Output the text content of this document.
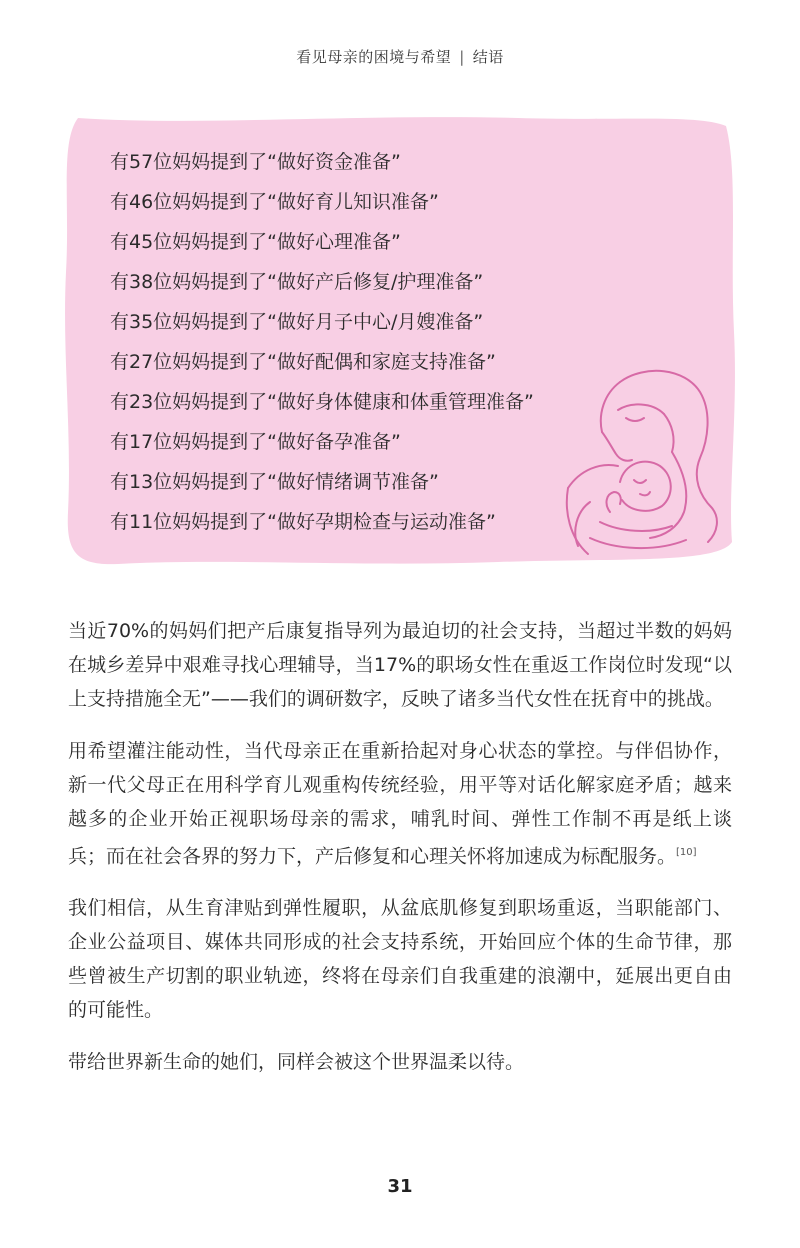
看见母亲的困境与希望 | 结语
有57位妈妈提到了“做好资金准备”
有46位妈妈提到了“做好育儿知识准备”
有45位妈妈提到了“做好心理准备”
有38位妈妈提到了“做好产后修复/护理准备”
有35位妈妈提到了“做好月子中心/月嫂准备”
有27位妈妈提到了“做好配偶和家庭支持准备”
有23位妈妈提到了“做好身体健康和体重管理准备”
有17位妈妈提到了“做好备孕准备”
有13位妈妈提到了“做好情绪调节准备”
有11位妈妈提到了“做好孕期检查与运动准备”

当近70%的妈妈们把产后康复指导列为最迫切的社会支持，当超过半数的妈妈在城乡差异中艰难寻找心理辅导，当17%的职场女性在重返工作岗位时发现“以上支持措施全无”——我们的调研数字，反映了诸多当代女性在抚育中的挑战。

用希望灌注能动性，当代母亲正在重新拾起对身心状态的掌控。与伴侣协作，新一代父母正在用科学育儿观重构传统经验，用平等对话化解家庭矛盾；越来越多的企业开始正视职场母亲的需求，哺乳时间、弹性工作制不再是纸上谈兵；而在社会各界的努力下，产后修复和心理关怀将加速成为标配服务。[10]

我们相信，从生育津贴到弹性履职，从盆底肌修复到职场重返，当职能部门、企业公益项目、媒体共同形成的社会支持系统，开始回应个体的生命节律，那些曾被生产切割的职业轨迹，终将在母亲们自我重建的浪潮中，延展出更自由的可能性。

带给世界新生命的她们，同样会被这个世界温柔以待。

31
